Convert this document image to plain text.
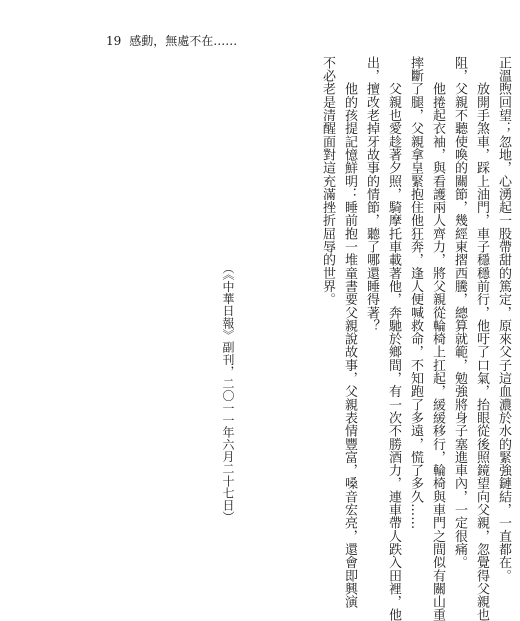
19 感動，無處不在……
不必老是清醒面對這充滿挫折屈辱的世界。 　　他的孩提記憶鮮明：睡前抱一堆童書要父親說故事，父親表情豐富，嗓音宏亮，還會即興演 出，擅改老掉牙故事的情節，聽了哪還睡得著？ 　　父親也愛趁著夕照，騎摩托車載著他，奔馳於鄉間，有一次不勝酒力，連車帶人跌入田裡，他 摔斷了腿，父親拿皇緊抱住他狂奔，逢人便喊救命，不知跑了多遠，慌了多久…… 　　他捲起衣袖，與看護兩人齊力，將父親從輪椅上扛起，緩緩移行，輪椅與車門之間似有關山重 阻，父親不聽使喚的關節，幾經東摺西騰，總算就範，勉強將身子塞進車內，一定很痛。 　　放開手煞車，踩上油門，車子穩穩前行，他吁了口氣，抬眼從後照鏡望向父親，忽覺得父親也 正溫煦回望；忽地，心湧起一股帶甜的篤定，原來父子這血濃於水的緊強鏈結，一直都在。
（《中華日報》副刊，二〇一一年六月二十七日）
